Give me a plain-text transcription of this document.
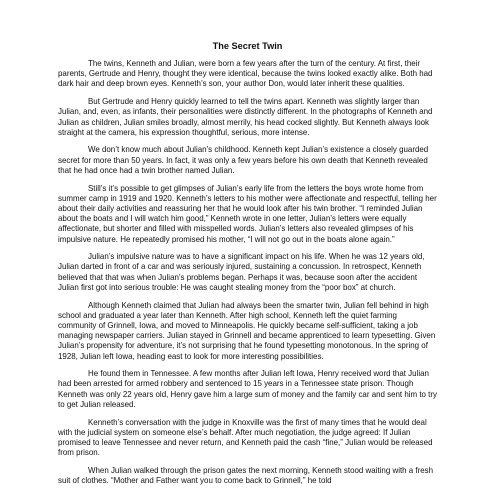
The Secret Twin

The twins, Kenneth and Julian, were born a few years after the turn of the century. At first, their parents, Gertrude and Henry, thought they were identical, because the twins looked exactly alike. Both had dark hair and deep brown eyes. Kenneth’s son, your author Don, would later inherit these qualities.

But Gertrude and Henry quickly learned to tell the twins apart. Kenneth was slightly larger than Julian, and, even, as infants, their personalities were distinctly different. In the photographs of Kenneth and Julian as children, Julian smiles broadly, almost merrily, his head cocked slightly. But Kenneth always look straight at the camera, his expression thoughtful, serious, more intense.

We don’t know much about Julian’s childhood. Kenneth kept Julian’s existence a closely guarded secret for more than 50 years. In fact, it was only a few years before his own death that Kenneth revealed that he had once had a twin brother named Julian.

Still’s it’s possible to get glimpses of Julian’s early life from the letters the boys wrote home from summer camp in 1919 and 1920. Kenneth’s letters to his mother were affectionate and respectful, telling her about their daily activities and reassuring her that he would look after his twin brother. “I reminded Julian about the boats and I will watch him good,” Kenneth wrote in one letter, Julian’s letters were equally affectionate, but shorter and filled with misspelled words. Julian’s letters also revealed glimpses of his impulsive nature. He repeatedly promised his mother, “I will not go out in the boats alone again.”

Julian’s impulsive nature was to have a significant impact on his life. When he was 12 years old, Julian darted in front of a car and was seriously injured, sustaining a concussion. In retrospect, Kenneth believed that that was when Julian’s problems began. Perhaps it was, because soon after the accident Julian first got into serious trouble: He was caught stealing money from the “poor box” at church.

Although Kenneth claimed that Julian had always been the smarter twin, Julian fell behind in high school and graduated a year later than Kenneth. After high school, Kenneth left the quiet farming community of Grinnell, Iowa, and moved to Minneapolis. He quickly became self-sufficient, taking a job managing newspaper carriers. Julian stayed in Grinnell and became apprenticed to learn typesetting. Given Julian’s propensity for adventure, it’s not surprising that he found typesetting monotonous. In the spring of 1928, Julian left Iowa, heading east to look for more interesting possibilities.

He found them in Tennessee. A few months after Julian left Iowa, Henry received word that Julian had been arrested for armed robbery and sentenced to 15 years in a Tennessee state prison. Though Kenneth was only 22 years old, Henry gave him a large sum of money and the family car and sent him to try to get Julian released.

Kenneth’s conversation with the judge in Knoxville was the first of many times that he would deal with the judicial system on someone else’s behalf. After much negotiation, the judge agreed: If Julian promised to leave Tennessee and never return, and Kenneth paid the cash “fine,” Julian would be released from prison.

When Julian walked through the prison gates the next morning, Kenneth stood waiting with a fresh suit of clothes. “Mother and Father want you to come back to Grinnell,” he told
